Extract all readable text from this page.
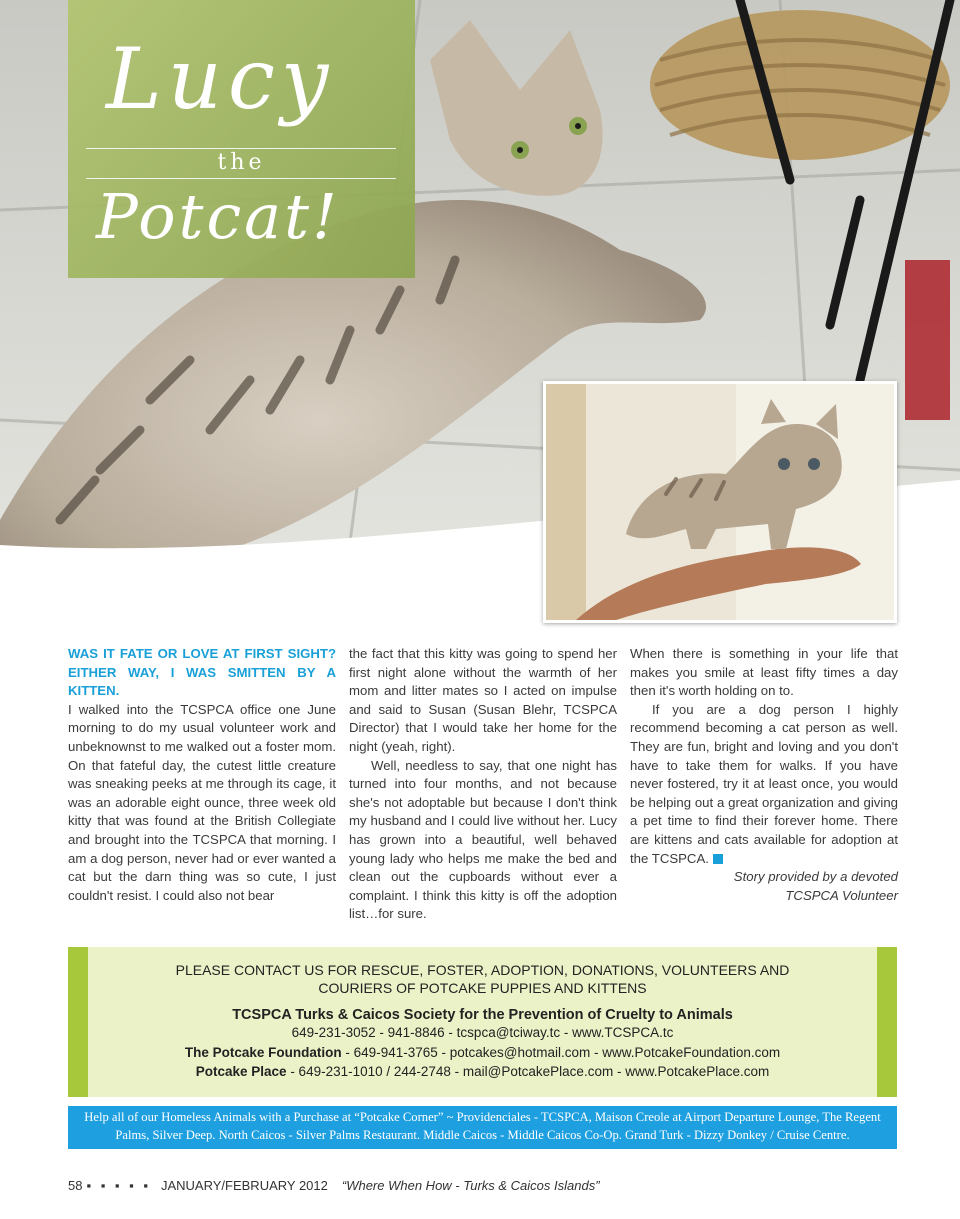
Lucy
the
Potcat!

WAS IT FATE OR LOVE AT FIRST SIGHT? EITHER WAY, I WAS SMITTEN BY A KITTEN.

I walked into the TCSPCA office one June morning to do my usual volunteer work and unbeknownst to me walked out a foster mom. On that fateful day, the cutest little creature was sneaking peeks at me through its cage, it was an adorable eight ounce, three week old kitty that was found at the British Collegiate and brought into the TCSPCA that morning. I am a dog person, never had or ever wanted a cat but the darn thing was so cute, I just couldn't resist. I could also not bear

the fact that this kitty was going to spend her first night alone without the warmth of her mom and litter mates so I acted on impulse and said to Susan (Susan Blehr, TCSPCA Director) that I would take her home for the night (yeah, right).

Well, needless to say, that one night has turned into four months, and not because she's not adoptable but because I don't think my husband and I could live without her. Lucy has grown into a beautiful, well behaved young lady who helps me make the bed and clean out the cupboards without ever a complaint. I think this kitty is off the adoption list…for sure.

When there is something in your life that makes you smile at least fifty times a day then it's worth holding on to.

If you are a dog person I highly recommend becoming a cat person as well. They are fun, bright and loving and you don't have to take them for walks. If you have never fostered, try it at least once, you would be helping out a great organization and giving a pet time to find their forever home. There are kittens and cats available for adoption at the TCSPCA.

Story provided by a devoted
TCSPCA Volunteer

PLEASE CONTACT US FOR RESCUE, FOSTER, ADOPTION, DONATIONS, VOLUNTEERS AND
COURIERS OF POTCAKE PUPPIES AND KITTENS
TCSPCA Turks & Caicos Society for the Prevention of Cruelty to Animals
649-231-3052 - 941-8846 - tcspca@tciway.tc - www.TCSPCA.tc
The Potcake Foundation - 649-941-3765 - potcakes@hotmail.com - www.PotcakeFoundation.com
Potcake Place - 649-231-1010 / 244-2748 - mail@PotcakePlace.com - www.PotcakePlace.com
Help all of our Homeless Animals with a Purchase at “Potcake Corner” ~ Providenciales - TCSPCA, Maison Creole at Airport Departure Lounge, The Regent Palms, Silver Deep. North Caicos - Silver Palms Restaurant. Middle Caicos - Middle Caicos Co-Op. Grand Turk - Dizzy Donkey / Cruise Centre.
58 ▪ ▪ ▪ ▪ ▪ JANUARY/FEBRUARY 2012 “Where When How - Turks & Caicos Islands”
